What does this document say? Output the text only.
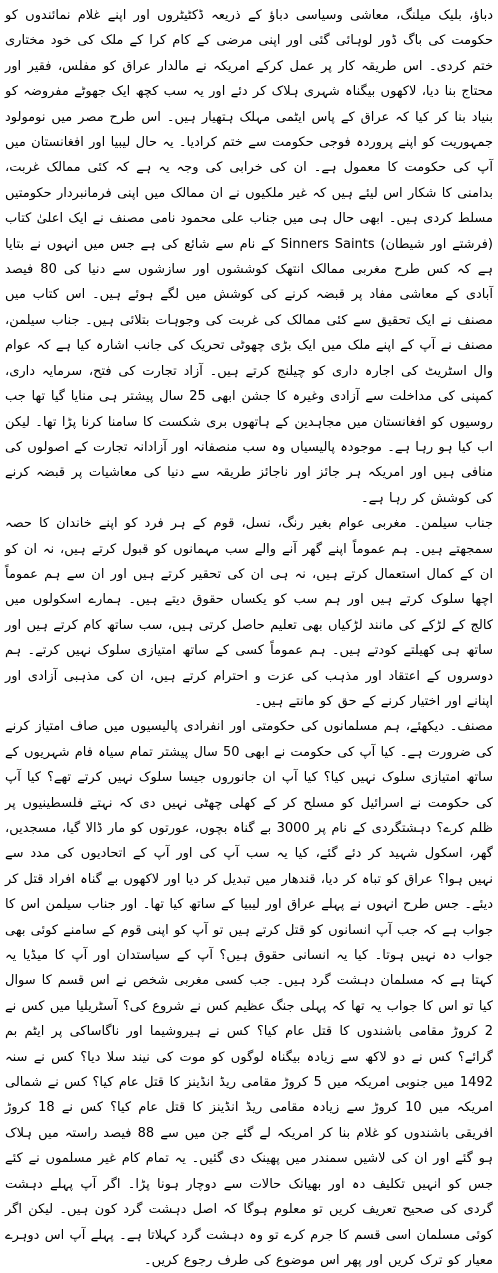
دباؤ، بلیک میلنگ، معاشی وسیاسی دباؤ کے ذریعہ ڈکٹیٹروں اور اپنے غلام نمائندوں کو حکومت کی باگ ڈور لوہائی گئی اور اپنی مرضی کے کام کرا کے ملک کی خود مختاری ختم کردی۔ اس طریقہ کار پر عمل کرکے امریکہ نے مالدار عراق کو مفلس، فقیر اور محتاج بنا دیا، لاکھوں بیگناہ شہری ہلاک کر دئے اور یہ سب کچھ ایک جھوٹے مفروضہ کو بنیاد بنا کر کیا کہ عراق کے پاس ایٹمی مہلک ہتھیار ہیں۔ اس طرح مصر میں نومولود جمہوریت کو اپنے پروردہ فوجی حکومت سے ختم کرادیا۔ یہ حال لیبیا اور افغانستان میں آپ کی حکومت کا معمول ہے۔ ان کی خرابی کی وجہ یہ ہے کہ کئی ممالک غربت، بدامنی کا شکار اس لیئے ہیں کہ غیر ملکیوں نے ان ممالک میں اپنی فرمانبردار حکومتیں مسلط کردی ہیں۔ ابھی حال ہی میں جناب علی محمود نامی مصنف نے ایک اعلیٰ کتاب (فرشتے اور شیطان) Sinners Saints کے نام سے شائع کی ہے جس میں انہوں نے بتایا ہے کہ کس طرح مغربی ممالک انتھک کوششوں اور سازشوں سے دنیا کی 80 فیصد آبادی کے معاشی مفاد پر قبضہ کرنے کی کوشش میں لگے ہوئے ہیں۔ اس کتاب میں مصنف نے ایک تحقیق سے کئی ممالک کی غربت کی وجوہات بتلائی ہیں۔ جناب سیلمن، مصنف نے آپ کے اپنے ملک میں ایک بڑی چھوٹی تحریک کی جانب اشارہ کیا ہے کہ عوام وال اسٹریٹ کی اجارہ داری کو چیلنج کرتے ہیں۔ آزاد تجارت کی فتح، سرمایہ داری، کمپنی کی مداخلت سے آزادی وغیرہ کا جشن ابھی 25 سال پیشتر ہی منایا گیا تھا جب روسیوں کو افغانستان میں مجاہدین کے ہاتھوں بری شکست کا سامنا کرنا پڑا تھا۔ لیکن اب کیا ہو رہا ہے۔ موجودہ پالیسیاں وہ سب منصفانہ اور آزادانہ تجارت کے اصولوں کی منافی ہیں اور امریکہ ہر جائز اور ناجائز طریقہ سے دنیا کی معاشیات پر قبضہ کرنے کی کوشش کر رہا ہے۔

جناب سیلمن۔ مغربی عوام بغیر رنگ، نسل، قوم کے ہر فرد کو اپنے خاندان کا حصہ سمجھتے ہیں۔ ہم عموماً اپنے گھر آنے والے سب مہمانوں کو قبول کرتے ہیں، نہ ان کو ان کے کمال استعمال کرتے ہیں، نہ ہی ان کی تحقیر کرتے ہیں اور ان سے ہم عموماً اچھا سلوک کرتے ہیں اور ہم سب کو یکساں حقوق دیتے ہیں۔ ہمارے اسکولوں میں کالج کے لڑکے کی مانند لڑکیاں بھی تعلیم حاصل کرتی ہیں، سب ساتھ کام کرتے ہیں اور ساتھ ہی کھیلتے کودتے ہیں۔ ہم عموماً کسی کے ساتھ امتیازی سلوک نہیں کرتے۔ ہم دوسروں کے اعتقاد اور مذہب کی عزت و احترام کرتے ہیں، ان کی مذہبی آزادی اور اپنانے اور اختیار کرنے کے حق کو مانتے ہیں۔

مصنف۔ دیکھئے، ہم مسلمانوں کی حکومتی اور انفرادی پالیسیوں میں صاف امتیاز کرنے کی ضرورت ہے۔ کیا آپ کی حکومت نے ابھی 50 سال پیشتر تمام سیاہ فام شہریوں کے ساتھ امتیازی سلوک نہیں کیا؟ کیا آپ ان جانوروں جیسا سلوک نہیں کرتے تھے؟ کیا آپ کی حکومت نے اسرائیل کو مسلح کر کے کھلی چھٹی نہیں دی کہ نہتے فلسطینیوں پر ظلم کرے؟ دہشتگردی کے نام پر 3000 بے گناہ بچوں، عورتوں کو مار ڈالا گیا، مسجدیں، گھر، اسکول شہید کر دئے گئے، کیا یہ سب آپ کی اور آپ کے اتحادیوں کی مدد سے نہیں ہوا؟ عراق کو تباہ کر دیا، قندھار میں تبدیل کر دیا اور لاکھوں بے گناہ افراد قتل کر دیئے۔ جس طرح انہوں نے پہلے عراق اور لیبیا کے ساتھ کیا تھا۔ اور جناب سیلمن اس کا جواب ہے کہ جب آپ انسانوں کو قتل کرتے ہیں تو آپ کو اپنی قوم کے سامنے کوئی بھی جواب دہ نہیں ہوتا۔ کیا یہ انسانی حقوق ہیں؟ آپ کے سیاستدان اور آپ کا میڈیا یہ کہتا ہے کہ مسلمان دہشت گرد ہیں۔ جب کسی مغربی شخص نے اس قسم کا سوال کیا تو اس کا جواب یہ تھا کہ پہلی جنگ عظیم کس نے شروع کی؟ آسٹریلیا میں کس نے 2 کروڑ مقامی باشندوں کا قتل عام کیا؟ کس نے ہیروشیما اور ناگاساکی پر ایٹم بم گرائے؟ کس نے دو لاکھ سے زیادہ بیگناہ لوگوں کو موت کی نیند سلا دیا؟ کس نے سنہ 1492 میں جنوبی امریکہ میں 5 کروڑ مقامی ریڈ انڈینز کا قتل عام کیا؟ کس نے شمالی امریکہ میں 10 کروڑ سے زیادہ مقامی ریڈ انڈینز کا قتل عام کیا؟ کس نے 18 کروڑ افریقی باشندوں کو غلام بنا کر امریکہ لے گئے جن میں سے 88 فیصد راستہ میں ہلاک ہو گئے اور ان کی لاشیں سمندر میں پھینک دی گئیں۔ یہ تمام کام غیر مسلموں نے کئے جس کو انہیں تکلیف دہ اور بھیانک حالات سے دوچار ہونا پڑا۔ اگر آپ پہلے دہشت گردی کی صحیح تعریف کریں تو معلوم ہوگا کہ اصل دہشت گرد کون ہیں۔ لیکن اگر کوئی مسلمان اسی قسم کا جرم کرے تو وہ دہشت گرد کہلاتا ہے۔ پہلے آپ اس دوہرے معیار کو ترک کریں اور پھر اس موضوع کی طرف رجوع کریں۔
